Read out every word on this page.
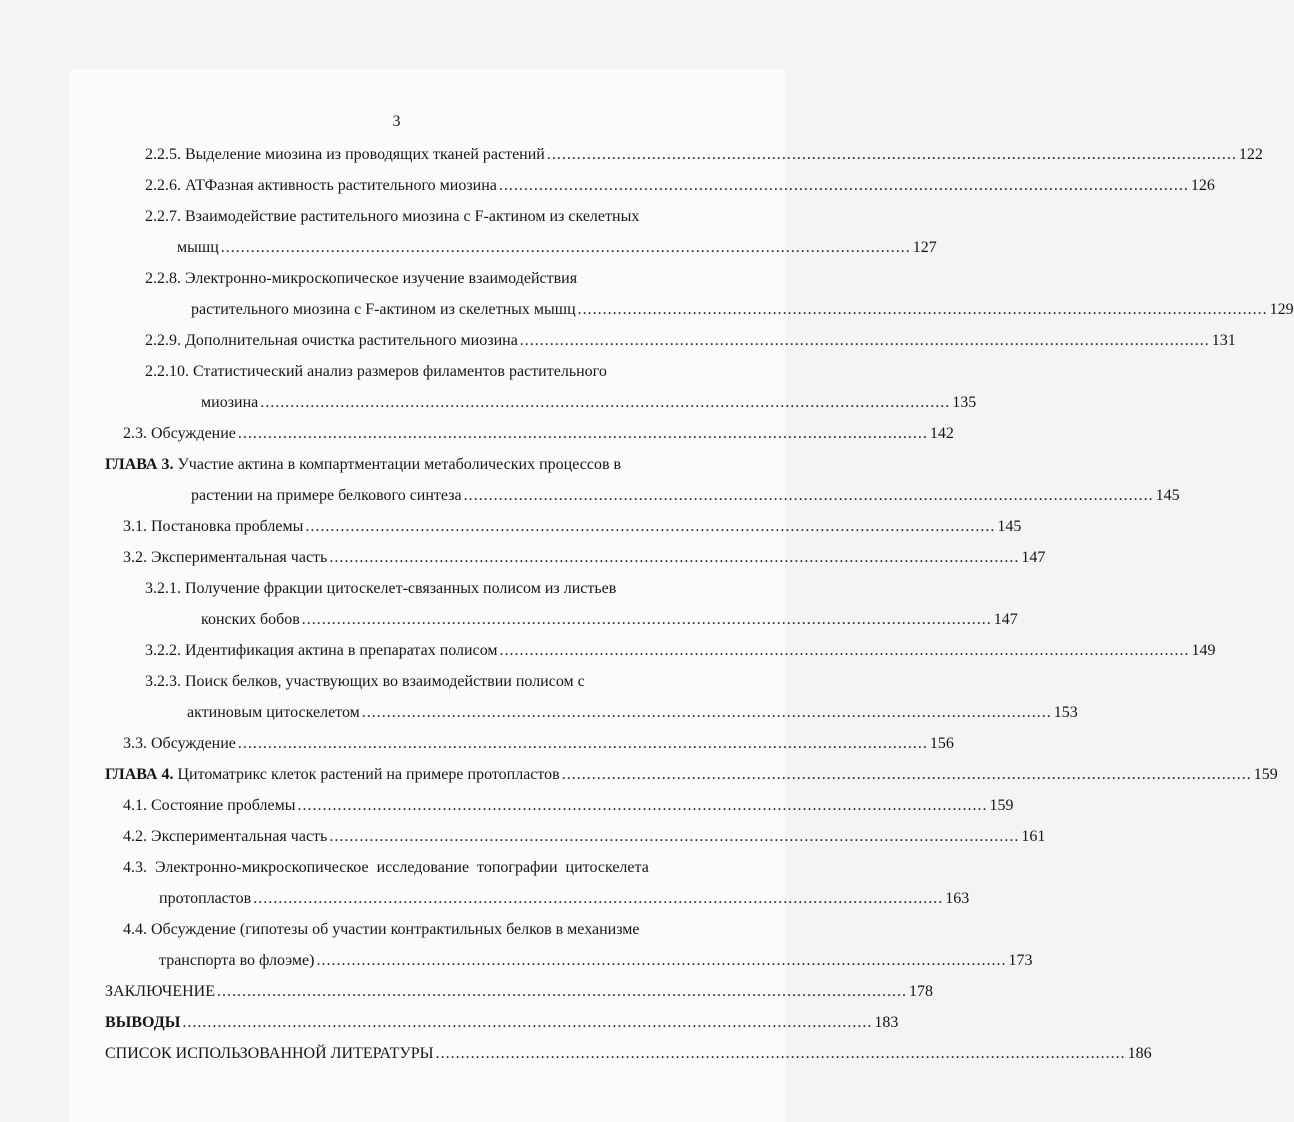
3
2.2.5. Выделение миозина из проводящих тканей растений .......................................................................................................................................... 122
2.2.6. АТФазная активность растительного миозина .......................................................................................................................................... 126
2.2.7. Взаимодействие растительного миозина с F-актином из скелетных
мышц .......................................................................................................................................... 127
2.2.8. Электронно-микроскопическое изучение взаимодействия
растительного миозина с F-актином из скелетных мышц .......................................................................................................................................... 129
2.2.9. Дополнительная очистка растительного миозина .......................................................................................................................................... 131
2.2.10. Статистический анализ размеров филаментов растительного
миозина .......................................................................................................................................... 135
2.3. Обсуждение .......................................................................................................................................... 142
ГЛАВА 3. Участие актина в компартментации метаболических процессов в
растении на примере белкового синтеза .......................................................................................................................................... 145
3.1. Постановка проблемы .......................................................................................................................................... 145
3.2. Экспериментальная часть .......................................................................................................................................... 147
3.2.1. Получение фракции цитоскелет-связанных полисом из листьев
конских бобов .......................................................................................................................................... 147
3.2.2. Идентификация актина в препаратах полисом .......................................................................................................................................... 149
3.2.3. Поиск белков, участвующих во взаимодействии полисом с
актиновым цитоскелетом .......................................................................................................................................... 153
3.3. Обсуждение .......................................................................................................................................... 156
ГЛАВА 4. Цитоматрикс клеток растений на примере протопластов .......................................................................................................................................... 159
4.1. Состояние проблемы .......................................................................................................................................... 159
4.2. Экспериментальная часть .......................................................................................................................................... 161
4.3.  Электронно-микроскопическое  исследование  топографии  цитоскелета
протопластов .......................................................................................................................................... 163
4.4. Обсуждение (гипотезы об участии контрактильных белков в механизме
транспорта во флоэме) .......................................................................................................................................... 173
ЗАКЛЮЧЕНИЕ .......................................................................................................................................... 178
ВЫВОДЫ .......................................................................................................................................... 183
СПИСОК ИСПОЛЬЗОВАННОЙ ЛИТЕРАТУРЫ .......................................................................................................................................... 186
